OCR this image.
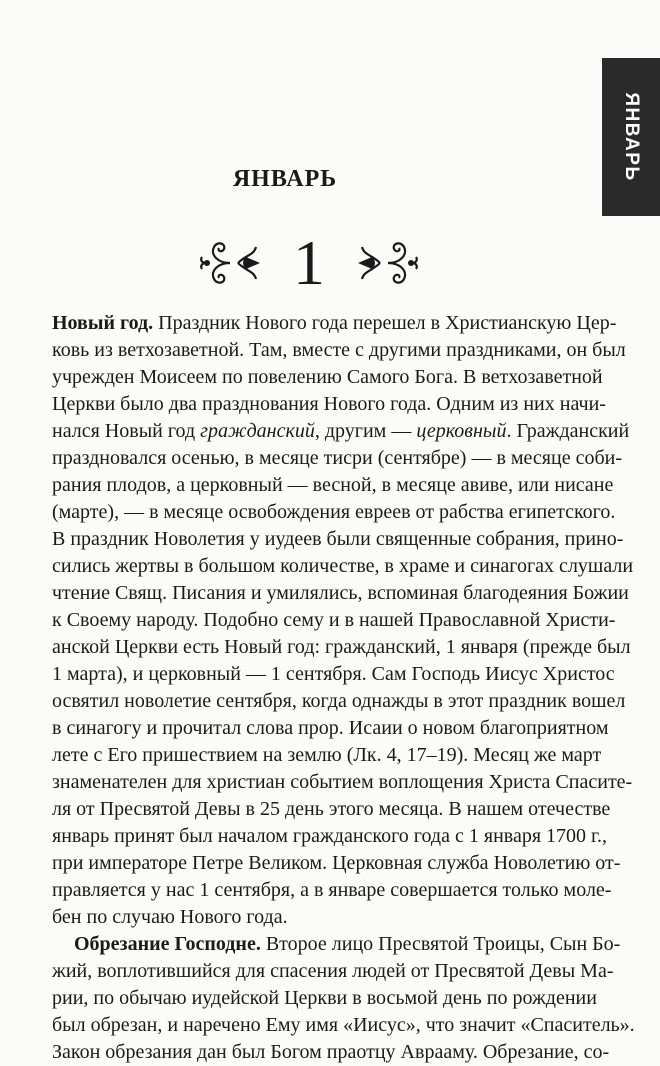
ЯНВАРЬ
ЯНВАРЬ
1
Новый год. Праздник Нового года перешел в Христианскую Цер-
ковь из ветхозаветной. Там, вместе с другими праздниками, он был
учрежден Моисеем по повелению Самого Бога. В ветхозаветной
Церкви было два празднования Нового года. Одним из них начи-
нался Новый год гражданский, другим — церковный. Гражданский
праздновался осенью, в месяце тисри (сентябре) — в месяце соби-
рания плодов, а церковный — весной, в месяце авиве, или нисане
(марте), — в месяце освобождения евреев от рабства египетского.
В праздник Новолетия у иудеев были священные собрания, прино-
сились жертвы в большом количестве, в храме и синагогах слушали
чтение Свящ. Писания и умилялись, вспоминая благодеяния Божии
к Своему народу. Подобно сему и в нашей Православной Христи-
анской Церкви есть Новый год: гражданский, 1 января (прежде был
1 марта), и церковный — 1 сентября. Сам Господь Иисус Христос
освятил новолетие сентября, когда однажды в этот праздник вошел
в синагогу и прочитал слова прор. Исаии о новом благоприятном
лете с Его пришествием на землю (Лк. 4, 17–19). Месяц же март
знаменателен для христиан событием воплощения Христа Спасите-
ля от Пресвятой Девы в 25 день этого месяца. В нашем отечестве
январь принят был началом гражданского года с 1 января 1700 г.,
при императоре Петре Великом. Церковная служба Новолетию от-
правляется у нас 1 сентября, а в январе совершается только моле-
бен по случаю Нового года.
Обрезание Господне. Второе лицо Пресвятой Троицы, Сын Бо-
жий, воплотившийся для спасения людей от Пресвятой Девы Ма-
рии, по обычаю иудейской Церкви в восьмой день по рождении
был обрезан, и наречено Ему имя «Иисус», что значит «Спаситель».
Закон обрезания дан был Богом праотцу Аврааму. Обрезание, со-
